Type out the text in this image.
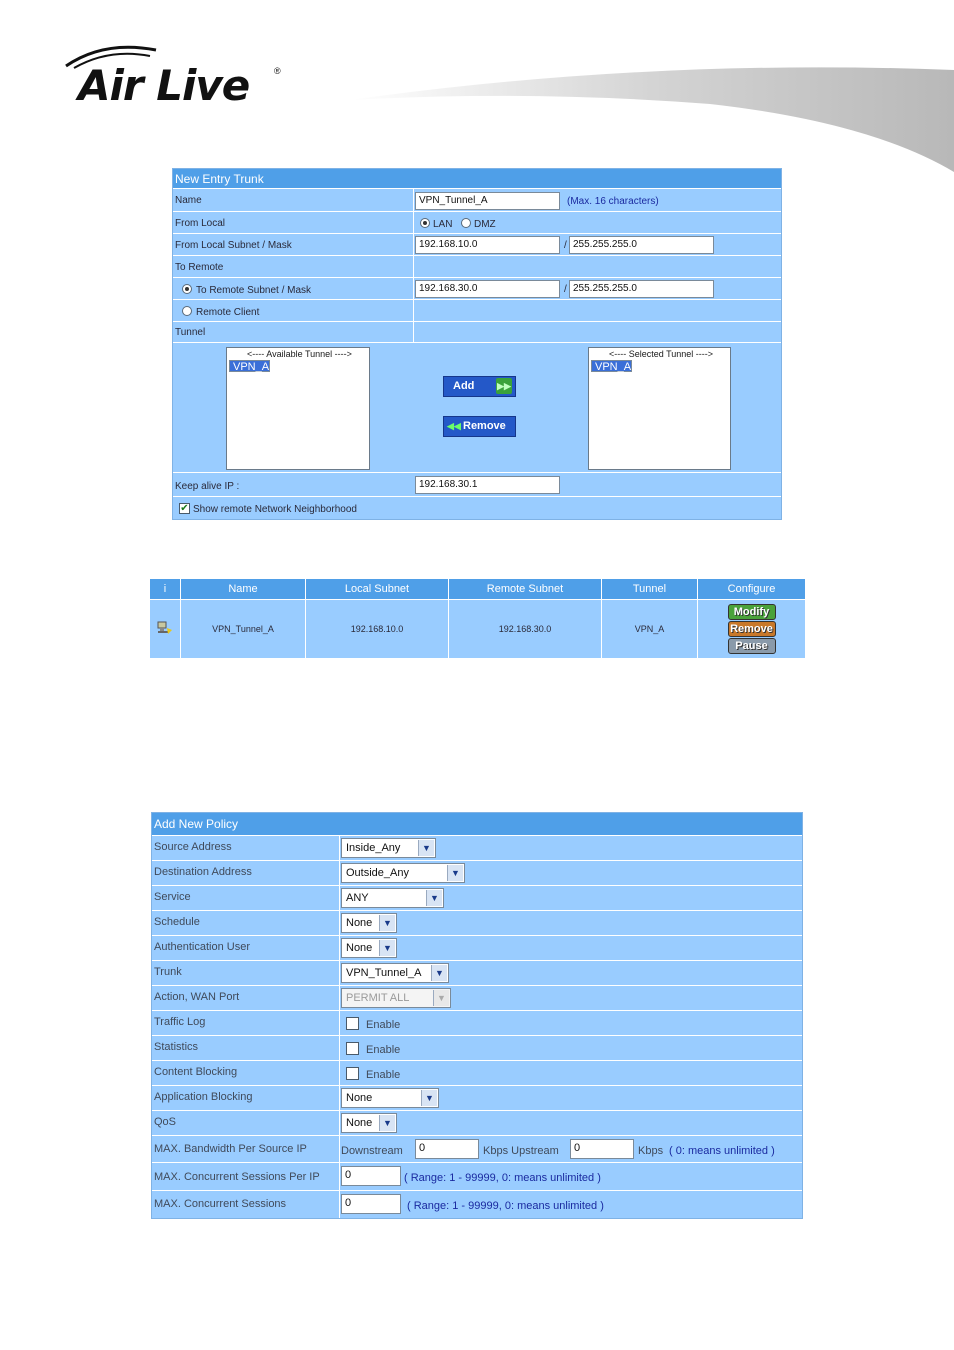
Air Live	®
New Entry Trunk
Name	VPN_Tunnel_A	(Max. 16 characters)
From Local	LAN DMZ
From Local Subnet / Mask	192.168.10.0	/ 255.255.255.0
To Remote
To Remote Subnet / Mask	192.168.30.0	/ 255.255.255.0
Remote Client
Tunnel
<---- Available Tunnel ---->
VPN_A
Add	▶▶
◀◀ Remove
<---- Selected Tunnel ---->
VPN_A
Keep alive IP :	192.168.30.1
✔ Show remote Network Neighborhood
i	Name	Local Subnet	Remote Subnet	Tunnel	Configure
	VPN_Tunnel_A	192.168.10.0	192.168.30.0	VPN_A	Modify
Remove
Pause
Add New Policy
Source Address	Inside_Any	▼
Destination Address	Outside_Any	▼
Service	ANY	▼
Schedule	None	▼
Authentication User	None	▼
Trunk	VPN_Tunnel_A	▼
Action, WAN Port	PERMIT ALL	▼
Traffic Log	Enable
Statistics	Enable
Content Blocking	Enable
Application Blocking	None	▼
QoS	None	▼
MAX. Bandwidth Per Source IP	Downstream	0	Kbps Upstream	0	Kbps ( 0: means unlimited )
MAX. Concurrent Sessions Per IP	0	( Range: 1 - 99999, 0: means unlimited )
MAX. Concurrent Sessions	0	( Range: 1 - 99999, 0: means unlimited )
